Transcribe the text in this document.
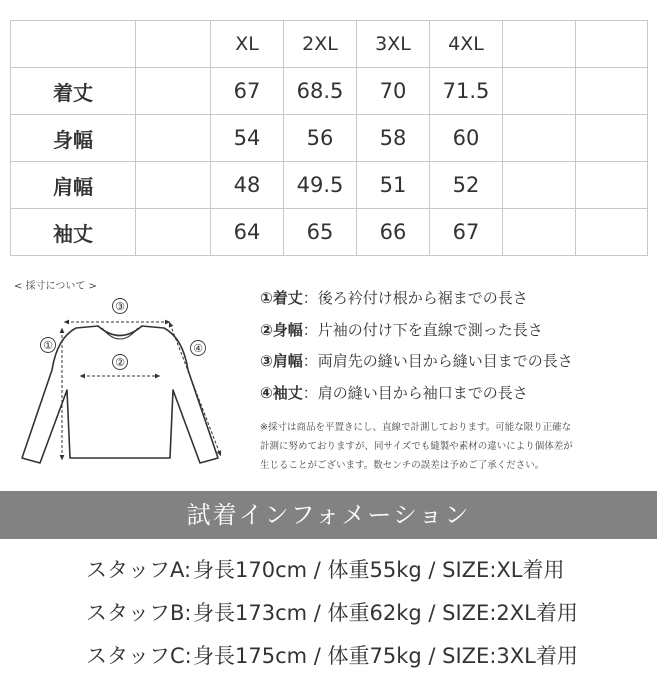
		XL	2XL	3XL	4XL		
着丈		67	68.5	70	71.5		
身幅		54	56	58	60		
肩幅		48	49.5	51	52		
袖丈		64	65	66	67		
< 採寸について >
③
①
②
④
①着丈：後ろ衿付け根から裾までの長さ
②身幅：片袖の付け下を直線で測った長さ
③肩幅：両肩先の縫い目から縫い目までの長さ
④袖丈：肩の縫い目から袖口までの長さ
※採寸は商品を平置きにし、直線で計測しております。可能な限り正確な
計測に努めておりますが、同サイズでも縫製や素材の違いにより個体差が
生じることがございます。数センチの誤差は予めご了承ください。
試着インフォメーション
スタッフA:身長170cm / 体重55kg / SIZE:XL着用
スタッフB:身長173cm / 体重62kg / SIZE:2XL着用
スタッフC:身長175cm / 体重75kg / SIZE:3XL着用
